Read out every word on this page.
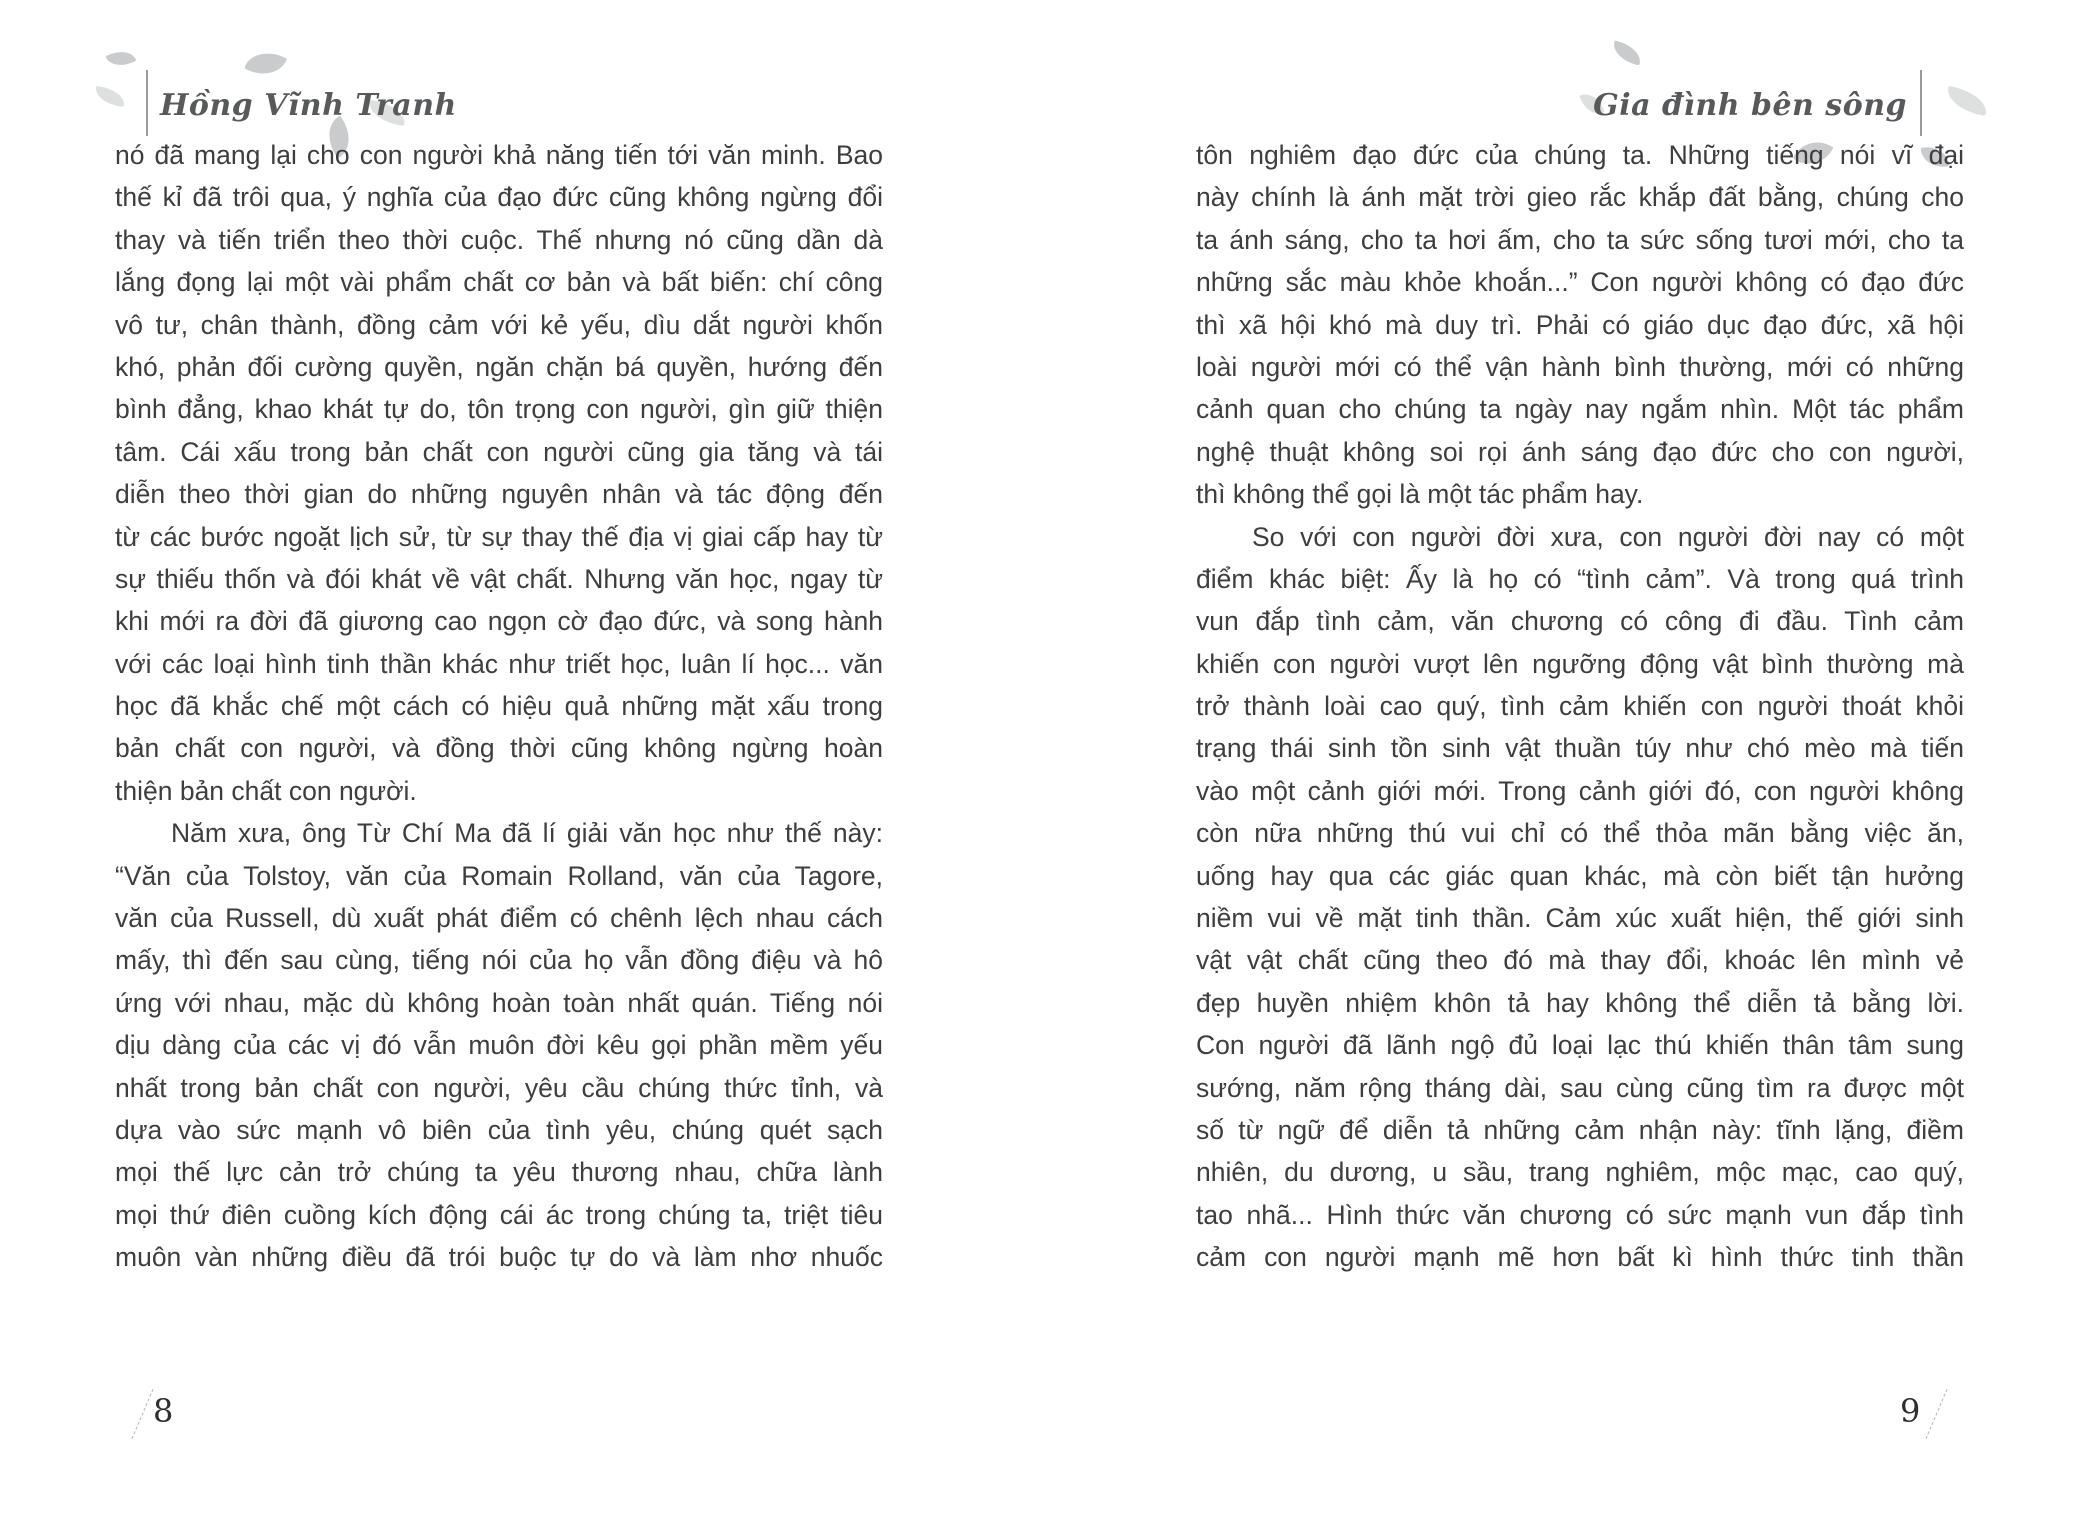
Hồng Vĩnh Tranh	Gia đình bên sông
nó đã mang lại cho con người khả năng tiến tới văn minh. Bao
thế kỉ đã trôi qua, ý nghĩa của đạo đức cũng không ngừng đổi
thay và tiến triển theo thời cuộc. Thế nhưng nó cũng dần dà
lắng đọng lại một vài phẩm chất cơ bản và bất biến: chí công
vô tư, chân thành, đồng cảm với kẻ yếu, dìu dắt người khốn
khó, phản đối cường quyền, ngăn chặn bá quyền, hướng đến
bình đẳng, khao khát tự do, tôn trọng con người, gìn giữ thiện
tâm. Cái xấu trong bản chất con người cũng gia tăng và tái
diễn theo thời gian do những nguyên nhân và tác động đến
từ các bước ngoặt lịch sử, từ sự thay thế địa vị giai cấp hay từ
sự thiếu thốn và đói khát về vật chất. Nhưng văn học, ngay từ
khi mới ra đời đã giương cao ngọn cờ đạo đức, và song hành
với các loại hình tinh thần khác như triết học, luân lí học... văn
học đã khắc chế một cách có hiệu quả những mặt xấu trong
bản chất con người, và đồng thời cũng không ngừng hoàn
thiện bản chất con người.
Năm xưa, ông Từ Chí Ma đã lí giải văn học như thế này:
“Văn của Tolstoy, văn của Romain Rolland, văn của Tagore,
văn của Russell, dù xuất phát điểm có chênh lệch nhau cách
mấy, thì đến sau cùng, tiếng nói của họ vẫn đồng điệu và hô
ứng với nhau, mặc dù không hoàn toàn nhất quán. Tiếng nói
dịu dàng của các vị đó vẫn muôn đời kêu gọi phần mềm yếu
nhất trong bản chất con người, yêu cầu chúng thức tỉnh, và
dựa vào sức mạnh vô biên của tình yêu, chúng quét sạch
mọi thế lực cản trở chúng ta yêu thương nhau, chữa lành
mọi thứ điên cuồng kích động cái ác trong chúng ta, triệt tiêu
muôn vàn những điều đã trói buộc tự do và làm nhơ nhuốc
tôn nghiêm đạo đức của chúng ta. Những tiếng nói vĩ đại
này chính là ánh mặt trời gieo rắc khắp đất bằng, chúng cho
ta ánh sáng, cho ta hơi ấm, cho ta sức sống tươi mới, cho ta
những sắc màu khỏe khoắn...” Con người không có đạo đức
thì xã hội khó mà duy trì. Phải có giáo dục đạo đức, xã hội
loài người mới có thể vận hành bình thường, mới có những
cảnh quan cho chúng ta ngày nay ngắm nhìn. Một tác phẩm
nghệ thuật không soi rọi ánh sáng đạo đức cho con người,
thì không thể gọi là một tác phẩm hay.
So với con người đời xưa, con người đời nay có một
điểm khác biệt: Ấy là họ có “tình cảm”. Và trong quá trình
vun đắp tình cảm, văn chương có công đi đầu. Tình cảm
khiến con người vượt lên ngưỡng động vật bình thường mà
trở thành loài cao quý, tình cảm khiến con người thoát khỏi
trạng thái sinh tồn sinh vật thuần túy như chó mèo mà tiến
vào một cảnh giới mới. Trong cảnh giới đó, con người không
còn nữa những thú vui chỉ có thể thỏa mãn bằng việc ăn,
uống hay qua các giác quan khác, mà còn biết tận hưởng
niềm vui về mặt tinh thần. Cảm xúc xuất hiện, thế giới sinh
vật vật chất cũng theo đó mà thay đổi, khoác lên mình vẻ
đẹp huyền nhiệm khôn tả hay không thể diễn tả bằng lời.
Con người đã lãnh ngộ đủ loại lạc thú khiến thân tâm sung
sướng, năm rộng tháng dài, sau cùng cũng tìm ra được một
số từ ngữ để diễn tả những cảm nhận này: tĩnh lặng, điềm
nhiên, du dương, u sầu, trang nghiêm, mộc mạc, cao quý,
tao nhã... Hình thức văn chương có sức mạnh vun đắp tình
cảm con người mạnh mẽ hơn bất kì hình thức tinh thần
8	9
